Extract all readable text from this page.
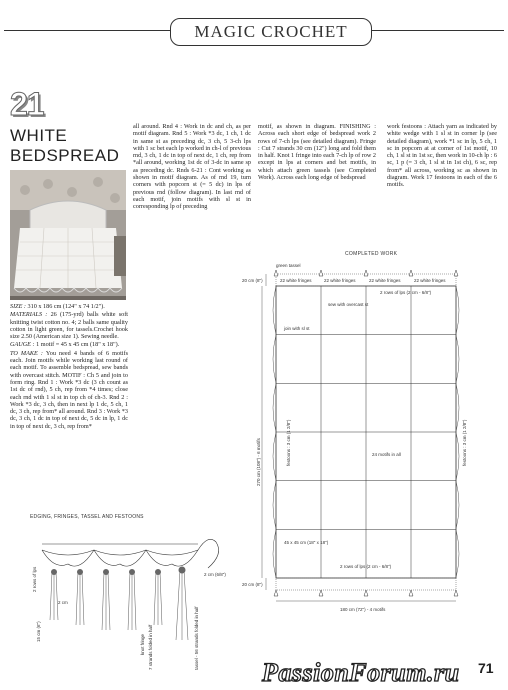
MAGIC CROCHET
21
WHITE
BEDSPREAD

SIZE : 310 x 186 cm (124" x 74 1/2").

MATERIALS : 26 (175-yrd) balls white soft knitting twist cotton no. 4; 2 balls same quality cotton in light green, for tassels.Crochet hook size 2.50 (American size 1). Sewing needle.

GAUGE : 1 motif = 45 x 45 cm (18" x 18").

TO MAKE : You need 4 bands of 6 motifs each. Join motifs while working last round of each motif. To assemble bedspread, sew bands with overcast stitch. MOTIF : Ch 5 and join to form ring. Rnd 1 : Work *3 dc (3 ch count as 1st dc of rnd), 5 ch, rep from *4 times; close each rnd with 1 sl st in top ch of ch-3. Rnd 2 : Work *3 dc, 3 ch, then in next lp 1 dc, 5 ch, 1 dc, 3 ch, rep from* all around. Rnd 3 : Work *3 dc, 3 ch, 1 dc in top of next dc, 5 dc in lp, 1 dc in top of next dc, 3 ch, rep from*

all around. Rnd 4 : Work in dc and ch, as per motif diagram. Rnd 5 : Work *3 dc, 1 ch, 1 dc in same st as preceding dc, 3 ch, 5 3-ch lps with 1 sc bet each lp worked in ch-l of previous rnd, 3 ch, 1 dc in top of next dc, 1 ch, rep from *all around, working 1st dc of 3-dc in same sp as preceding dc. Rnds 6-21 : Cont working as shown in motif diagram. As of rnd 19, turn corners with popcorn st (= 5 dc) in lps of previous rnd (follow diagram). In last rnd of each motif, join motifs with sl st in corresponding lp of preceding
motif, as shown in diagram. FINISHING : Across each short edge of bedspread work 2 rows of 7-ch lps (see detailed diagram). Fringe : Cut 7 strands 30 cm (12") long and fold them in half. Knot 1 fringe into each 7-ch lp of row 2 except in lps at corners and bet motifs, in which attach green tassels (see Completed Work). Across each long edge of bedspread
work festoons : Attach yarn as indicated by white wedge with 1 sl st in corner lp (see detailed diagram), work *1 sc in lp, 5 ch, 1 sc in popcorn at at corner of 1st motif, 10 ch, 1 sl st in 1st sc, then work in 10-ch lp : 6 sc, 1 p (= 3 ch, 1 sl st in 1st ch), 6 sc, rep from* all across, working sc as shown in diagram. Work 17 festoons in each of the 6 motifs.
COMPLETED WORK
green tassel
22 white fringes	22 white fringes	22 white fringes	22 white fringes
2 rows of lps (2 cm - 6/8")
sew with overcast st
join with sl st
24 motifs in all
45 x 45 cm (18" x 18")
festoons : 3 cm (1 2/8")	festoons : 3 cm (1 2/8")
270 cm (108") - 6 motifs
20 cm (8")
20 cm (8")
2 rows of lps (2 cm - 6/8")
180 cm (72") - 4 motifs
EDGING, FRINGES, TASSEL AND FESTOONS
2 rows of lps
15 cm (6")
knot fringe 7 strands folded in half	tassel - 56 strands folded in half
2 cm (6/8")
2 cm
PassionForum.ru 71
